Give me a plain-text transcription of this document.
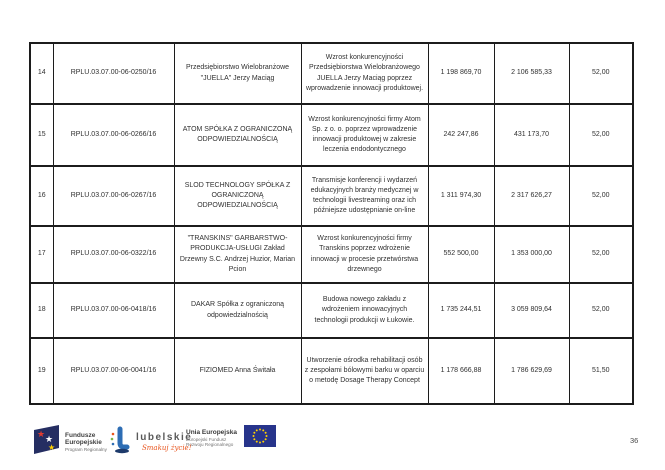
14	RPLU.03.07.00-06-0250/16	Przedsiębiorstwo Wielobranżowe "JUELLA" Jerzy Maciąg	Wzrost konkurencyjności Przedsiębiorstwa Wielobranżowego JUELLA Jerzy Maciąg poprzez wprowadzenie innowacji produktowej.	1 198 869,70	2 106 585,33	52,00
15	RPLU.03.07.00-06-0266/16	ATOM SPÓŁKA Z OGRANICZONĄ ODPOWIEDZIALNOŚCIĄ	Wzrost konkurencyjności firmy Atom Sp. z o. o. poprzez wprowadzenie innowacji produktowej w zakresie leczenia endodontycznego	242 247,86	431 173,70	52,00
16	RPLU.03.07.00-06-0267/16	SLOD TECHNOLOGY SPÓŁKA Z OGRANICZONĄ ODPOWIEDZIALNOŚCIĄ	Transmisje konferencji i wydarzeń edukacyjnych branży medycznej w technologii livestreaming oraz ich późniejsze udostępnianie on-line	1 311 974,30	2 317 626,27	52,00
17	RPLU.03.07.00-06-0322/16	"TRANSKINS" GARBARSTWO-PRODUKCJA-USŁUGI Zakład Drzewny S.C. Andrzej Huzior, Marian Pcion	Wzrost konkurencyjności firmy Transkins poprzez wdrożenie innowacji w procesie przetwórstwa drzewnego	552 500,00	1 353 000,00	52,00
18	RPLU.03.07.00-06-0418/16	DAKAR Spółka z ograniczoną odpowiedzialnością	Budowa nowego zakładu z wdrożeniem innowacyjnych technologii produkcji w Łukowie.	1 735 244,51	3 059 809,64	52,00
19	RPLU.03.07.00-06-0041/16	FIZIOMED Anna Świtała	Utworzenie ośrodka rehabilitacji osób z zespołami bólowymi barku w oparciu o metodę Dosage Therapy Concept	1 178 666,88	1 786 629,69	51,50
★ ★
★
Fundusze Europejskie
Program Regionalny
lubelskie
Smakuj życie!
Unia Europejska
Europejski Fundusz
Rozwoju Regionalnego	36
